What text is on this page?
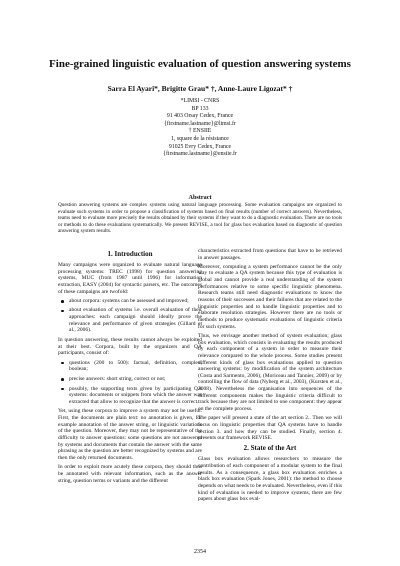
Fine-grained linguistic evaluation of question answering systems
Sarra El Ayari*, Brigitte Grau* †, Anne-Laure Ligozat* †
*LIMSI - CNRS
BP 133
91 403 Orsay Cedex, France
{firstname.lastname}@limsi.fr
† ENSIIE
1, square de la résistance
91025 Evry Cedex, France
{firstname.lastname}@ensiie.fr
Abstract
Question answering systems are complex systems using natural language processing. Some evaluation campaigns are organized to evaluate such systems in order to propose a classification of systems based on final results (number of correct answers). Nevertheless, teams need to evaluate more precisely the results obtained by their systems if they want to do a diagnostic evaluation. There are no tools or methods to do these evaluations systematically. We present REVISE, a tool for glass box evaluation based on diagnostic of question answering system results.
1. Introduction

Many campaigns were organized to evaluate natural language processing systems: TREC (1998) for question answering systems, MUC (from 1987 until 1996) for information extraction, EASY (2004) for syntactic parsers, etc. The outcomes of these campaigns are twofold:

about corpora: systems can be assessed and improved;
about evaluation of systems i.e. overall evaluation of their approaches: each campaign should ideally prove the relevance and performance of given strategies (Gillard et al., 2006).

In question answering, these results cannot always be exploited at their best. Corpora, built by the organizers and QA participants, consist of:

questions (200 to 500): factual, definition, complex, boolean;
precise answers: short string, correct or not;
possibly, the supporting texts given by participating QA systems: documents or snippets from which the answer was extracted that allow to recognize that the answer is correct.

Yet, using these corpora to improve a system may not be useful. First, the documents are plain text: no annotation is given, for example annotation of the answer string, or linguistic variations of the question. Moreover, they may not be representative of the difficulty to answer questions: some questions are not answered by systems and documents that contain the answer with the same phrasing as the question are better recognized by systems and are then the only returned documents.

In order to exploit more acutely these corpora, they should thus be annotated with relevant information, such as the answer string, question terms or variants and the different

characteristics extracted from questions that have to be retrieved in answer passages.

Moreover, computing a system performance cannot be the only way to evaluate a QA system because this type of evaluation is global and cannot provide a real understanding of the system performances relative to some specific linguistic phenomena. Research teams still need diagnostic evaluations to know the reasons of their successes and their failures that are related to the linguistic properties and to handle linguistic properties and to elaborate resolution strategies. However there are no tools or methods to produce systematic evaluations of linguistic criteria for such systems.

Thus, we envisage another method of system evaluation; glass box evaluation, which consists in evaluating the results produced by each component of a system in order to measure their relevance compared to the whole process. Some studies present different kinds of glass box evaluations applied to question answering systems: by modification of the system architecture (Costa and Sarmento, 2006), (Moriceau and Tannier, 2009) or by controlling the flow of data (Nyberg et al., 2003), (Kursten et al., 2008). Nevertheless the organisation into sequences of the different components makes the linguistic criteria difficult to track because they are not limited to one component: they appear on the complete process.

The paper will present a state of the art section 2.. Then we will focus on linguistic properties that QA systems have to handle section 3. and how they can be studied. Finally, section 4. presents our framework REVISE.

2. State of the Art

Glass box evaluation allows researchers to measure the contribution of each component of a modular system to the final results. As a consequence, a glass box evaluation enriches a black box evaluation (Spark Jones, 2001): the method to choose depends on what needs to be evaluated. Nevertheless, even if this kind of evaluation is needed to improve systems, there are few papers about glass box eval-

2354
